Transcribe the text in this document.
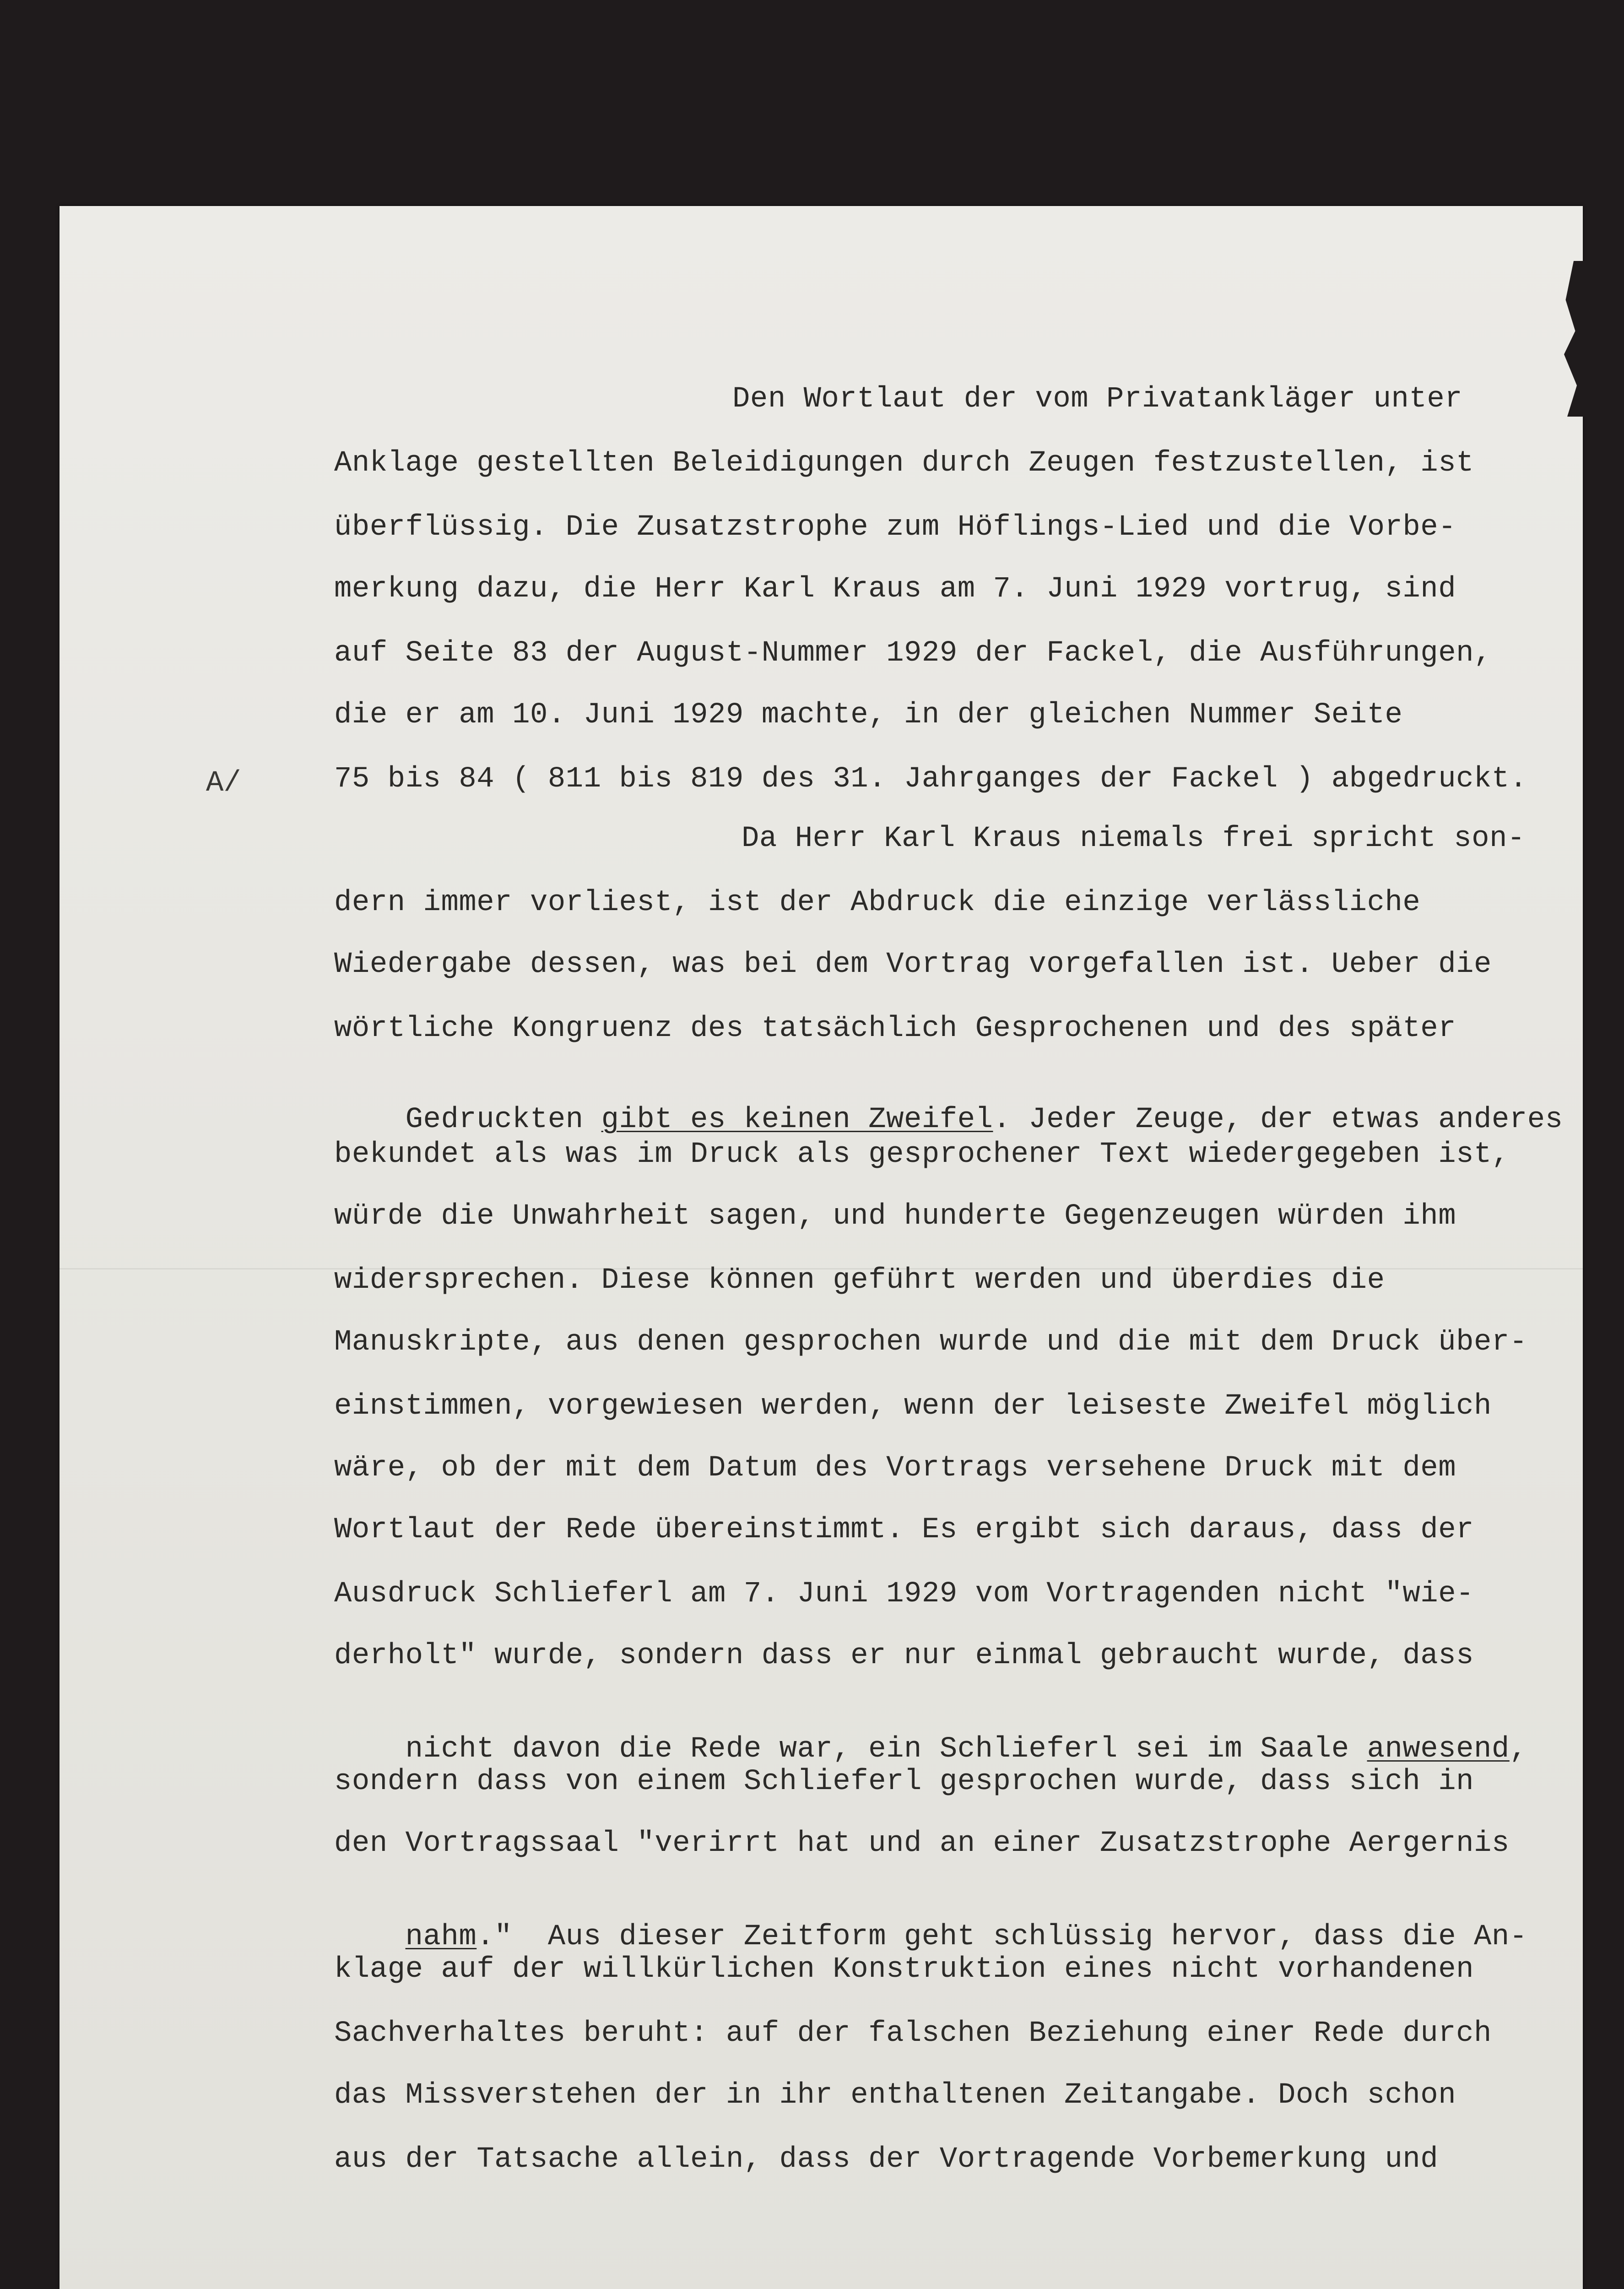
A/
Den Wortlaut der vom Privatankläger unter
Anklage gestellten Beleidigungen durch Zeugen festzustellen, ist
überflüssig. Die Zusatzstrophe zum Höflings-Lied und die Vorbe-
merkung dazu, die Herr Karl Kraus am 7. Juni 1929 vortrug, sind
auf Seite 83 der August-Nummer 1929 der Fackel, die Ausführungen,
die er am 10. Juni 1929 machte, in der gleichen Nummer Seite
75 bis 84 ( 811 bis 819 des 31. Jahrganges der Fackel ) abgedruckt.
Da Herr Karl Kraus niemals frei spricht son-
dern immer vorliest, ist der Abdruck die einzige verlässliche
Wiedergabe dessen, was bei dem Vortrag vorgefallen ist. Ueber die
wörtliche Kongruenz des tatsächlich Gesprochenen und des später

Gedruckten gibt es keinen Zweifel. Jeder Zeuge, der etwas anderes

bekundet als was im Druck als gesprochener Text wiedergegeben ist,
würde die Unwahrheit sagen, und hunderte Gegenzeugen würden ihm
widersprechen. Diese können geführt werden und überdies die
Manuskripte, aus denen gesprochen wurde und die mit dem Druck über-
einstimmen, vorgewiesen werden, wenn der leiseste Zweifel möglich
wäre, ob der mit dem Datum des Vortrags versehene Druck mit dem
Wortlaut der Rede übereinstimmt. Es ergibt sich daraus, dass der
Ausdruck Schlieferl am 7. Juni 1929 vom Vortragenden nicht "wie-
derholt" wurde, sondern dass er nur einmal gebraucht wurde, dass

nicht davon die Rede war, ein Schlieferl sei im Saale anwesend,

sondern dass von einem Schlieferl gesprochen wurde, dass sich in
den Vortragssaal "verirrt hat und an einer Zusatzstrophe Aergernis

nahm."  Aus dieser Zeitform geht schlüssig hervor, dass die An-

klage auf der willkürlichen Konstruktion eines nicht vorhandenen
Sachverhaltes beruht: auf der falschen Beziehung einer Rede durch
das Missverstehen der in ihr enthaltenen Zeitangabe. Doch schon
aus der Tatsache allein, dass der Vortragende Vorbemerkung und
